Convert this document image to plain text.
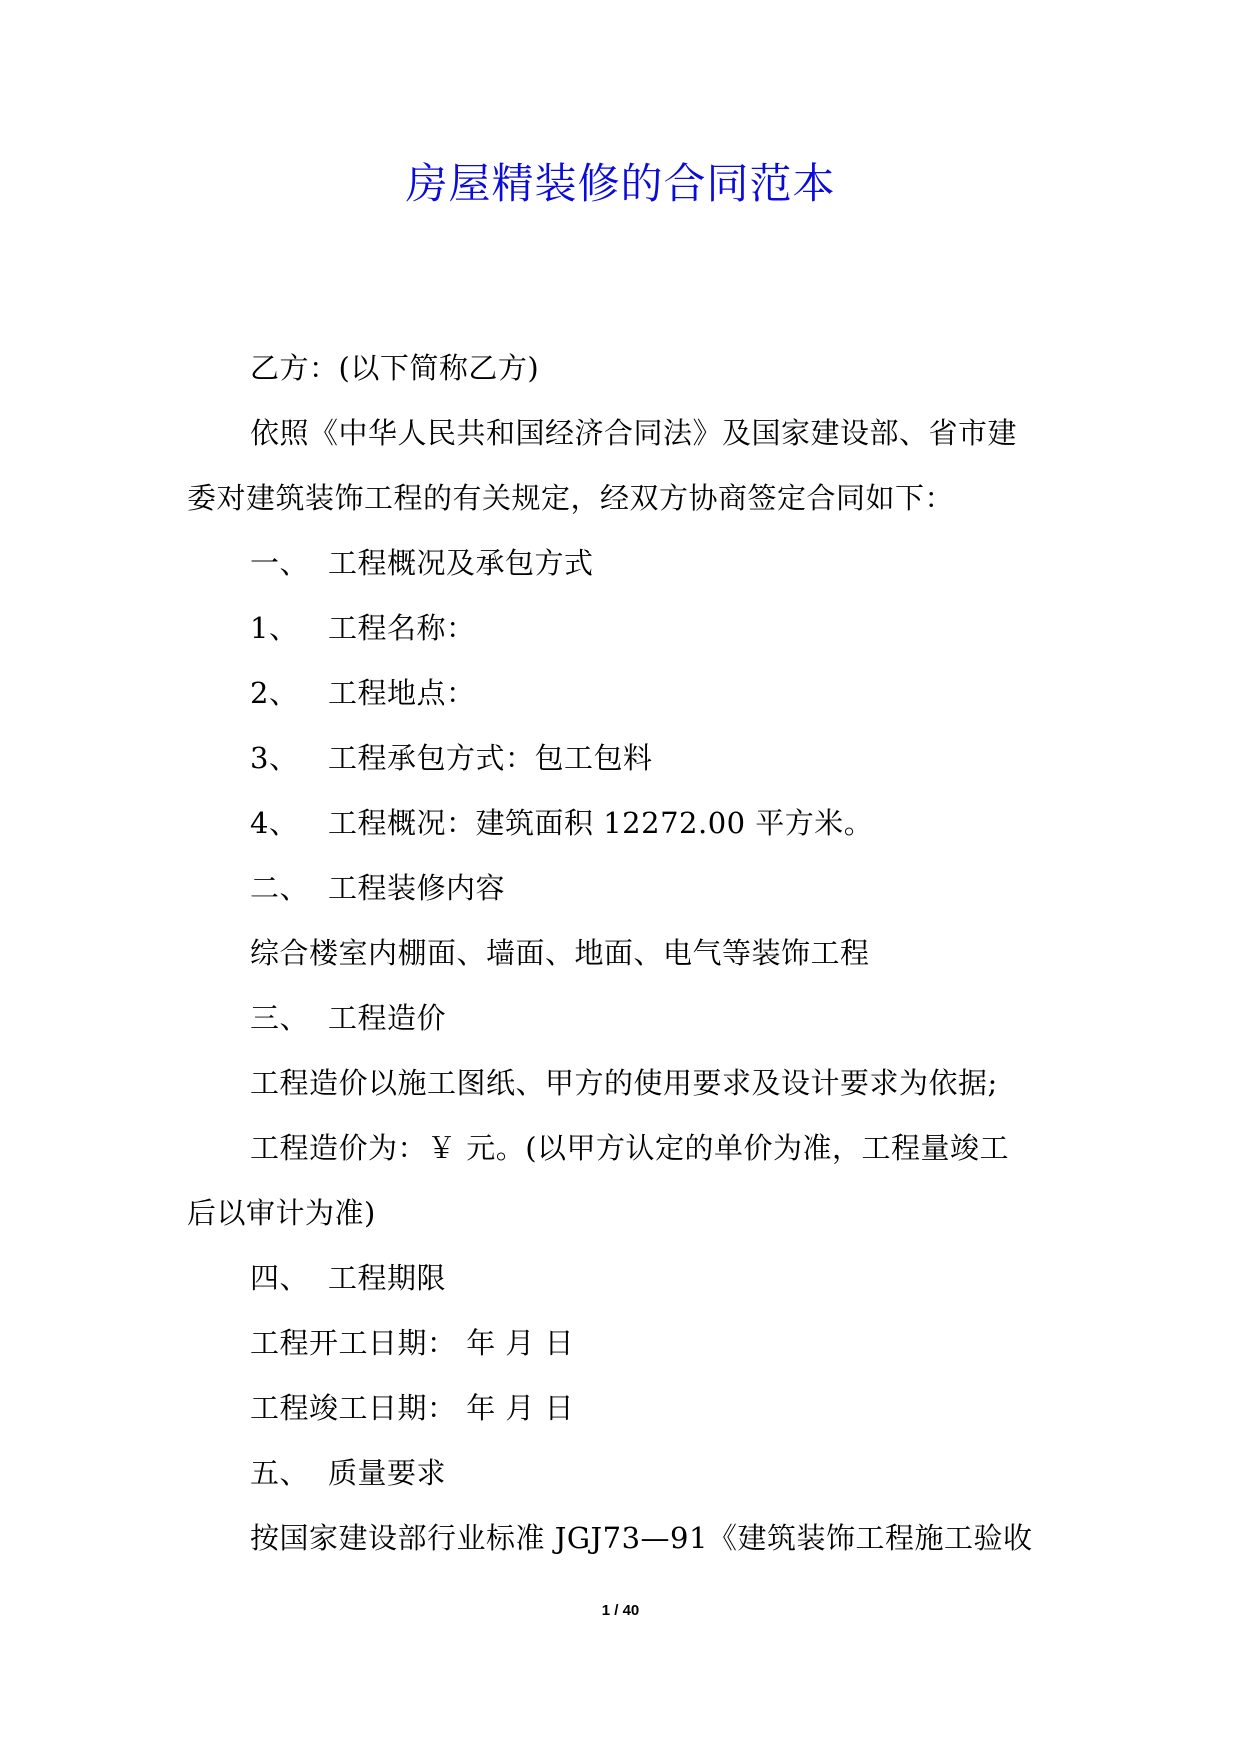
房屋精装修的合同范本
乙方：(以下简称乙方)
依照《中华人民共和国经济合同法》及国家建设部、省市建
委对建筑装饰工程的有关规定，经双方协商签定合同如下：
一、 工程概况及承包方式
1、 工程名称：
2、 工程地点：
3、 工程承包方式：包工包料
4、 工程概况：建筑面积 12272.00 平方米。
二、 工程装修内容
综合楼室内棚面、墙面、地面、电气等装饰工程
三、 工程造价
工程造价以施工图纸、甲方的使用要求及设计要求为依据;
工程造价为：￥ 元。(以甲方认定的单价为准，工程量竣工
后以审计为准)
四、 工程期限
工程开工日期： 年 月 日
工程竣工日期： 年 月 日
五、 质量要求
按国家建设部行业标准 JGJ73—91《建筑装饰工程施工验收
1 / 40
